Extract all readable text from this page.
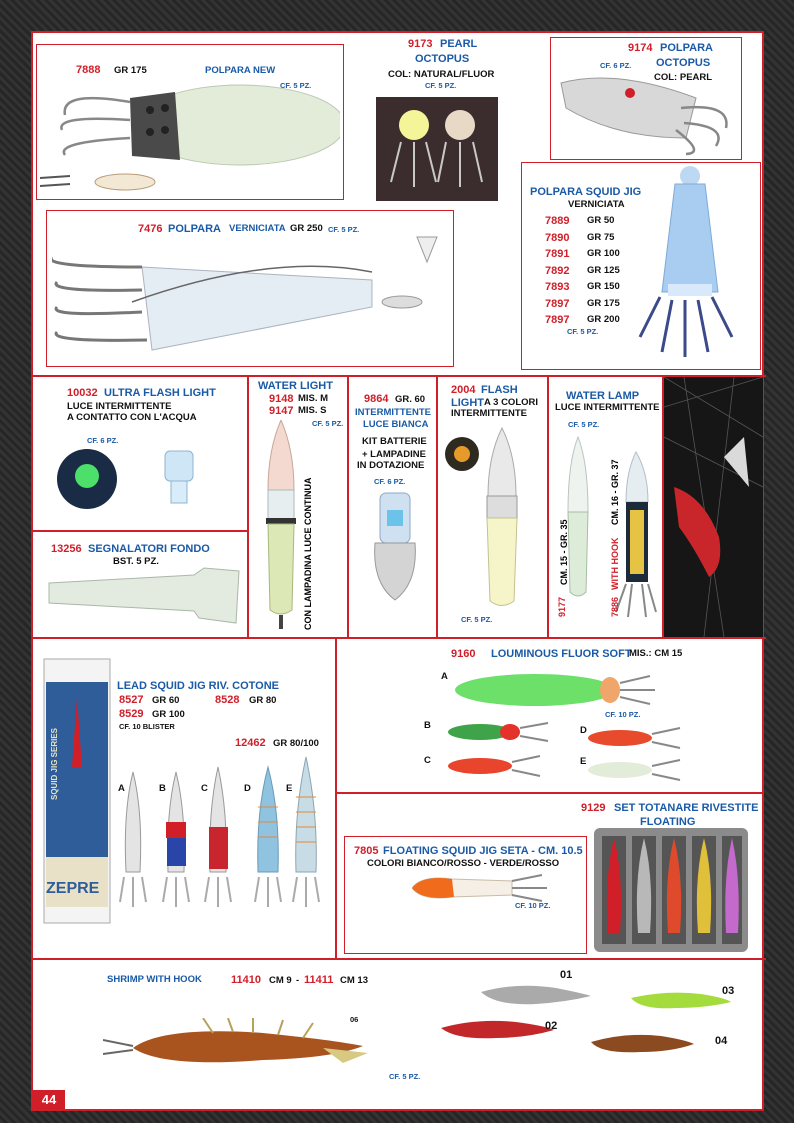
7888 GR 175	POLPARA NEW
CF. 5 PZ.
9173 PEARL
OCTOPUS
COL: NATURAL/FLUOR
CF. 5 PZ.
9174 POLPARA
CF. 6 PZ. OCTOPUS
COL: PEARL
7476 POLPARA VERNICIATA GR 250 CF. 5 PZ.
POLPARA SQUID JIG
VERNICIATA
7889 GR 50
7890 GR 75
7891 GR 100
7892 GR 125
7893 GR 150
7897 GR 175
7897 GR 200
CF. 5 PZ.
10032 ULTRA FLASH LIGHT
LUCE INTERMITTENTE
A CONTATTO CON L'ACQUA
CF. 6 PZ.
13256 SEGNALATORI FONDO
BST. 5 PZ.
WATER LIGHT
9148 MIS. M
9147 MIS. S
CF. 5 PZ.
CON LAMPADINA LUCE CONTINUA
9864 GR. 60
INTERMITTENTE
LUCE BIANCA
KIT BATTERIE
+ LAMPADINE
IN DOTAZIONE
CF. 6 PZ.
2004 FLASH
LIGHT A 3 COLORI
INTERMITTENTE
CF. 5 PZ.
WATER LAMP
LUCE INTERMITTENTE
CF. 5 PZ.
9177
CM. 15 - GR. 35
7886
WITH HOOK
CM. 16 - GR. 37
LEAD SQUID JIG RIV. COTONE
8527 GR 60	8528 GR 80
8529 GR 100
CF. 10 BLISTER
12462 GR 80/100
SQUID JIG SERIES
ZEPRE
A	B	C	D	E
9160 LOUMINOUS FLUOR SOFT
MIS.: CM 15
CF. 10 PZ.
A
B
C
D
E
9129 SET TOTANARE RIVESTITE
FLOATING
7805 FLOATING SQUID JIG SETA - CM. 10.5
COLORI BIANCO/ROSSO - VERDE/ROSSO
CF. 10 PZ.
SHRIMP WITH HOOK	11410 CM 9 - 11411 CM 13
06
CF. 5 PZ.
01
02
03
04
44
